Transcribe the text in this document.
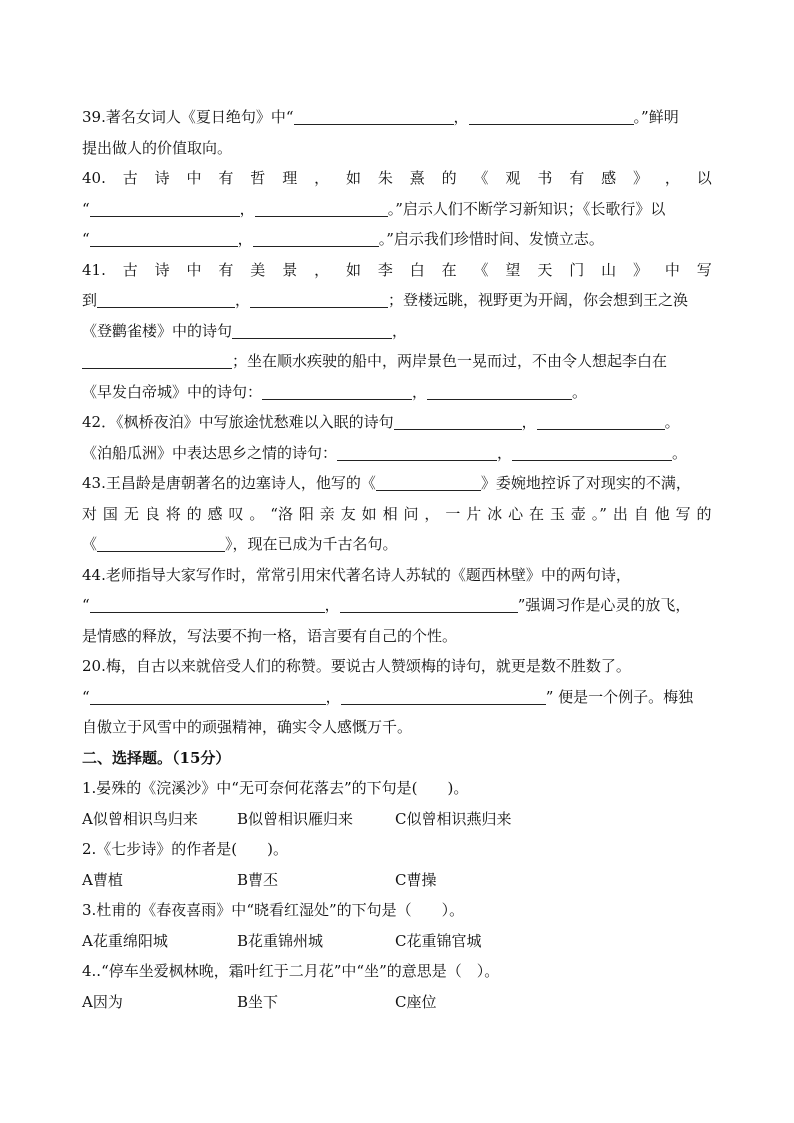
39.著名女词人《夏日绝句》中“	，	。”鲜明
提出做人的价值取向。
40. 古 诗 中 有 哲 理 ， 如 朱 熹 的 《 观 书 有 感 》 ， 以
“	，	。”启示人们不断学习新知识；《长歌行》以
“	，	。”启示我们珍惜时间、发愤立志。
41. 古 诗 中 有 美 景 ， 如 李 白 在 《 望 天 门 山 》 中 写
到	，	；登楼远眺，视野更为开阔，你会想到王之涣
《登鹳雀楼》中的诗句	，
；坐在顺水疾驶的船中，两岸景色一晃而过，不由令人想起李白在
《早发白帝城》中的诗句：	，	。
42．《枫桥夜泊》中写旅途忧愁难以入眠的诗句	，	。
《泊船瓜洲》中表达思乡之情的诗句：	，	。
43.王昌龄是唐朝著名的边塞诗人，他写的《	》委婉地控诉了对现实的不满，
对 国 无 良 将 的 感 叹 。 “洛 阳 亲 友 如 相 问 ， 一 片 冰 心 在 玉 壶 。” 出 自 他 写 的
《	》，现在已成为千古名句。
44.老师指导大家写作时，常常引用宋代著名诗人苏轼的《题西林壁》中的两句诗，
“	，	”强调习作是心灵的放飞，
是情感的释放，写法要不拘一格，语言要有自己的个性。
20.梅，自古以来就倍受人们的称赞。要说古人赞颂梅的诗句，就更是数不胜数了。
“	，	” 便是一个例子。梅独
自傲立于风雪中的顽强精神，确实令人感慨万千。
二、选择题。（15分）
1.晏殊的《浣溪沙》中“无可奈何花落去”的下句是(　　)。
A似曾相识鸟归来	B似曾相识雁归来	C似曾相识燕归来
2.《七步诗》的作者是(　　)。
A曹植	B曹丕	C曹操
3.杜甫的《春夜喜雨》中“晓看红湿处”的下句是（　　）。
A花重绵阳城	B花重锦州城	C花重锦官城
4..“停车坐爱枫林晚，霜叶红于二月花”中“坐”的意思是（　）。
A因为	B坐下	C座位
